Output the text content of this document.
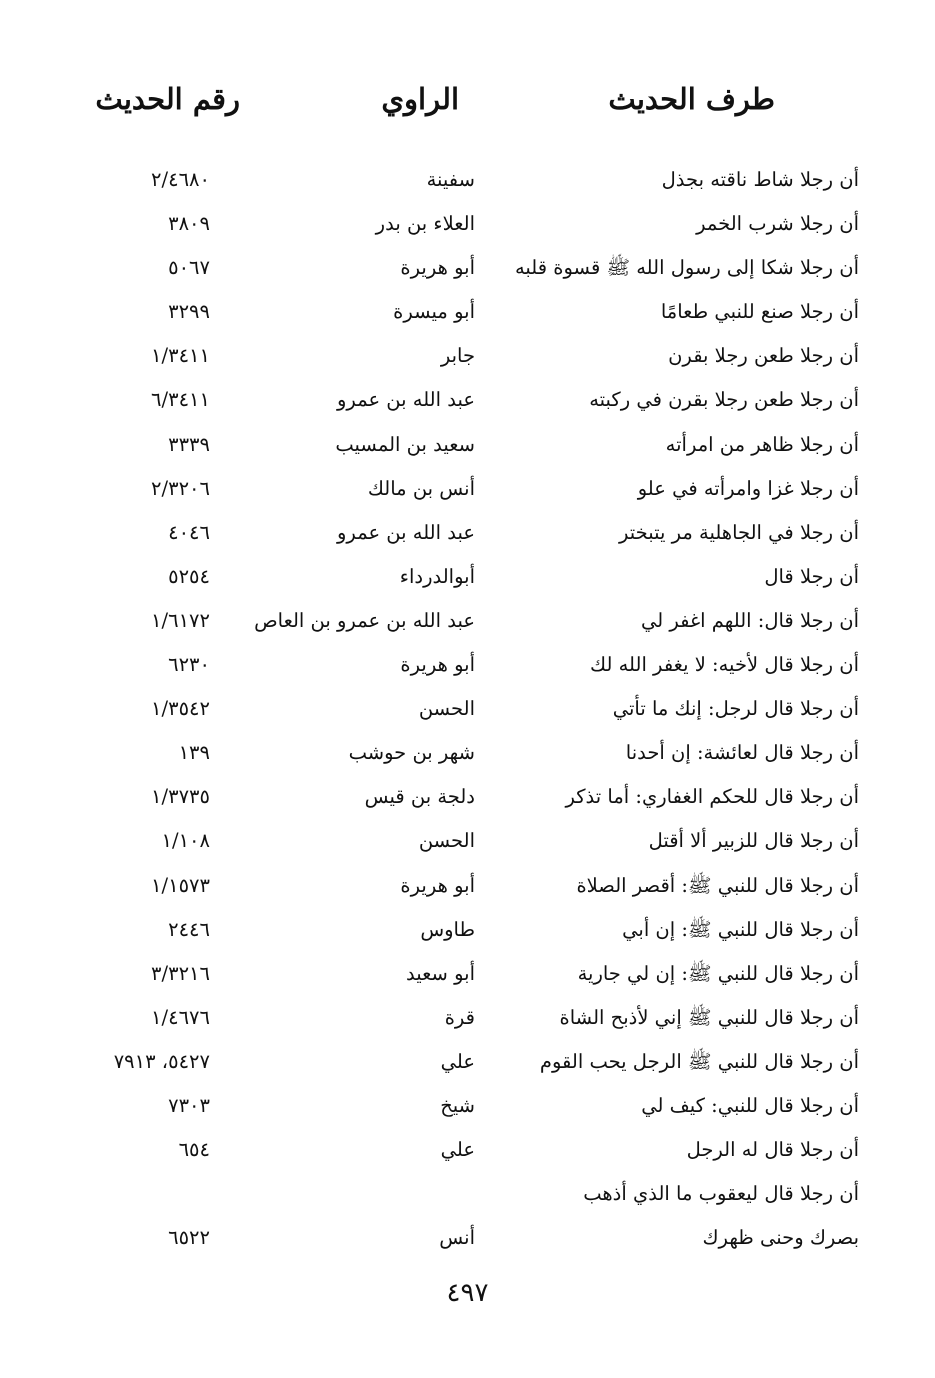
طرف الحديث
الراوي
رقم الحديث
أن رجلا شاط ناقته بجذل
سفينة
٢/٤٦٨٠
أن رجلا شرب الخمر
العلاء بن بدر
٣٨٠٩
أن رجلا شكا إلى رسول الله ﷺ قسوة قلبه
أبو هريرة
٥٠٦٧
أن رجلا صنع للنبي طعامًا
أبو ميسرة
٣٢٩٩
أن رجلا طعن رجلا بقرن
جابر
١/٣٤١١
أن رجلا طعن رجلا بقرن في ركبته
عبد الله بن عمرو
٦/٣٤١١
أن رجلا ظاهر من امرأته
سعيد بن المسيب
٣٣٣٩
أن رجلا غزا وامرأته في علو
أنس بن مالك
٢/٣٢٠٦
أن رجلا في الجاهلية مر يتبختر
عبد الله بن عمرو
٤٠٤٦
أن رجلا قال
أبوالدرداء
٥٢٥٤
أن رجلا قال: اللهم اغفر لي
عبد الله بن عمرو بن العاص
١/٦١٧٢
أن رجلا قال لأخيه: لا يغفر الله لك
أبو هريرة
٦٢٣٠
أن رجلا قال لرجل: إنك ما تأتي
الحسن
١/٣٥٤٢
أن رجلا قال لعائشة: إن أحدنا
شهر بن حوشب
١٣٩
أن رجلا قال للحكم الغفاري: أما تذكر
دلجة بن قيس
١/٣٧٣٥
أن رجلا قال للزبير ألا أقتل
الحسن
١/١٠٨
أن رجلا قال للنبي ﷺ: أقصر الصلاة
أبو هريرة
١/١٥٧٣
أن رجلا قال للنبي ﷺ: إن أبي
طاوس
٢٤٤٦
أن رجلا قال للنبي ﷺ: إن لي جارية
أبو سعيد
٣/٣٢١٦
أن رجلا قال للنبي ﷺ إني لأذبح الشاة
قرة
١/٤٦٧٦
أن رجلا قال للنبي ﷺ الرجل يحب القوم
علي
٥٤٢٧، ٧٩١٣
أن رجلا قال للنبي: كيف لي
شيخ
٧٣٠٣
أن رجلا قال له الرجل
علي
٦٥٤
أن رجلا قال ليعقوب ما الذي أذهب
بصرك وحنى ظهرك
أنس
٦٥٢٢
٤٩٧
